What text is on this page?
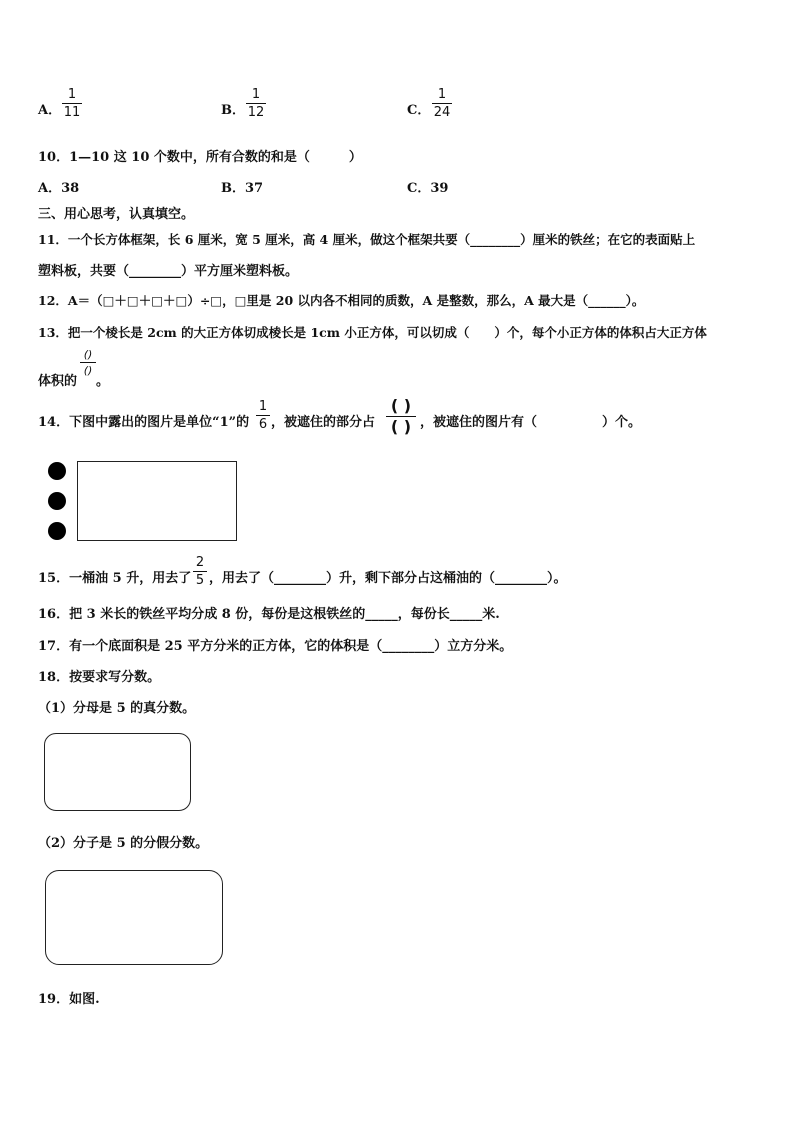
A．
1
11	B．
1
12	C．
1
24
10．1—10 这 10 个数中，所有合数的和是（　　　）
A．38	B．37	C．39
三、用心思考，认真填空。
11．一个长方体框架，长 6 厘米，宽 5 厘米，高 4 厘米，做这个框架共要（________）厘米的铁丝；在它的表面贴上
塑料板，共要（________）平方厘米塑料板。
12．A＝（□＋□＋□＋□）÷□，□里是 20 以内各不相同的质数，A 是整数，那么，A 最大是（______）。
13．把一个棱长是 2cm 的大正方体切成棱长是 1cm 小正方体，可以切成（　　）个，每个小正方体的体积占大正方体
体积的
()
()
。
14．下图中露出的图片是单位“1”的
1
6 ，被遮住的部分占
( )
( ) ，被遮住的图片有（　　　　　）个。
15．一桶油 5 升，用去了
2
5 ，用去了（________）升，剩下部分占这桶油的（________）。
16．把 3 米长的铁丝平均分成 8 份，每份是这根铁丝的_____，每份长_____米.
17．有一个底面积是 25 平方分米的正方体，它的体积是（________）立方分米。
18．按要求写分数。
（1）分母是 5 的真分数。
（2）分子是 5 的分假分数。
19．如图.
